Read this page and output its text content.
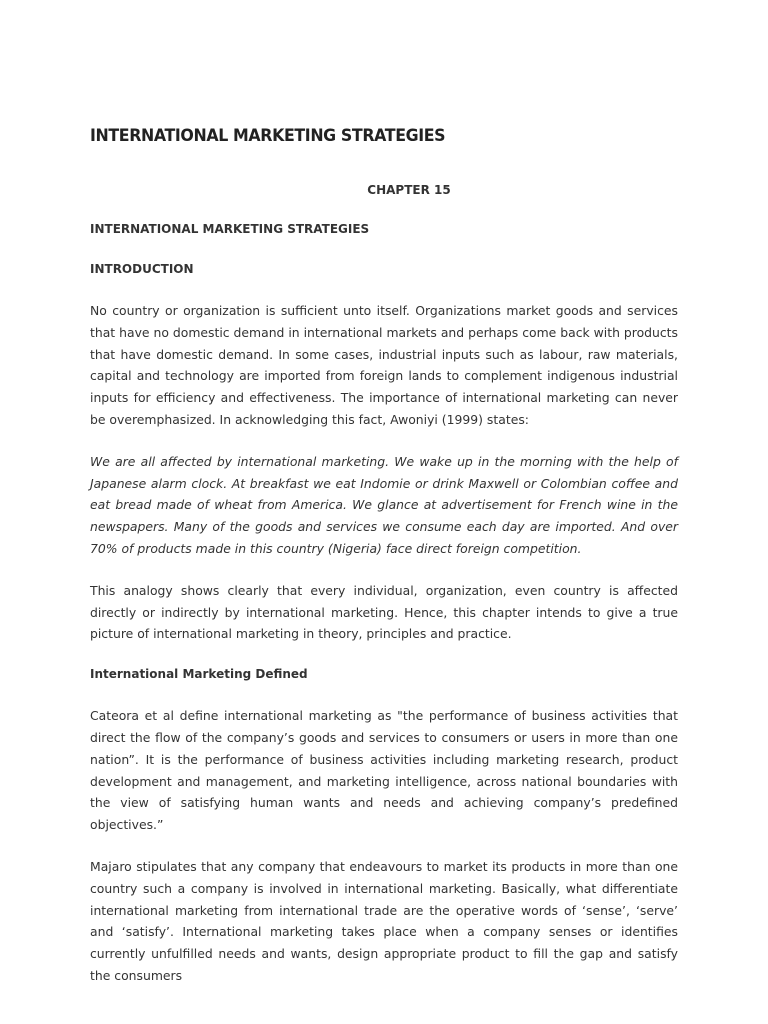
INTERNATIONAL MARKETING STRATEGIES
CHAPTER 15
INTERNATIONAL MARKETING STRATEGIES
INTRODUCTION

No country or organization is sufficient unto itself. Organizations market goods and services that have no domestic demand in international markets and perhaps come back with products that have domestic demand. In some cases, industrial inputs such as labour, raw materials, capital and technology are imported from foreign lands to complement indigenous industrial inputs for efficiency and effectiveness. The importance of international marketing can never be overemphasized. In acknowledging this fact, Awoniyi (1999) states:

We are all affected by international marketing. We wake up in the morning with the help of Japanese alarm clock. At breakfast we eat Indomie or drink Maxwell or Colombian coffee and eat bread made of wheat from America. We glance at advertisement for French wine in the newspapers. Many of the goods and services we consume each day are imported. And over 70% of products made in this country (Nigeria) face direct foreign competition.

This analogy shows clearly that every individual, organization, even country is affected directly or indirectly by international marketing. Hence, this chapter intends to give a true picture of international marketing in theory, principles and practice.

International Marketing Defined

Cateora et al define international marketing as "the performance of business activities that direct the flow of the company’s goods and services to consumers or users in more than one nation”. It is the performance of business activities including marketing research, product development and management, and marketing intelligence, across national boundaries with the view of satisfying human wants and needs and achieving company’s predefined objectives.”

Majaro stipulates that any company that endeavours to market its products in more than one country such a company is involved in international marketing. Basically, what differentiate international marketing from international trade are the operative words of ‘sense’, ‘serve’ and ‘satisfy’. International marketing takes place when a company senses or identifies currently unfulfilled needs and wants, design appropriate product to fill the gap and satisfy the consumers
